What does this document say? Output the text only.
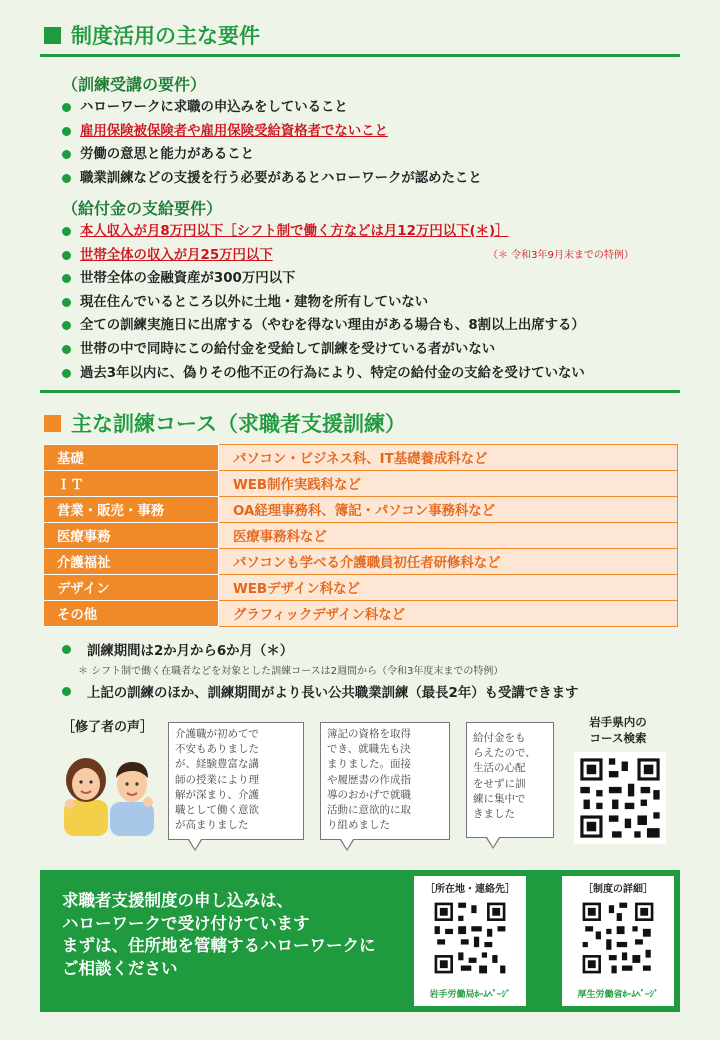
制度活用の主な要件
（訓練受講の要件）
ハローワークに求職の申込みをしていること
雇用保険被保険者や雇用保険受給資格者でないこと
労働の意思と能力があること
職業訓練などの支援を行う必要があるとハローワークが認めたこと
（給付金の支給要件）
本人収入が月8万円以下［シフト制で働く方などは月12万円以下(＊)］
世帯全体の収入が月25万円以下
世帯全体の金融資産が300万円以下
現在住んでいるところ以外に土地・建物を所有していない
全ての訓練実施日に出席する（やむを得ない理由がある場合も、8割以上出席する）
世帯の中で同時にこの給付金を受給して訓練を受けている者がいない
過去3年以内に、偽りその他不正の行為により、特定の給付金の支給を受けていない
（＊ 令和3年9月末までの特例）
主な訓練コース（求職者支援訓練）
基礎	パソコン・ビジネス科、IT基礎養成科など
ＩＴ	WEB制作実践科など
営業・販売・事務	OA経理事務科、簿記・パソコン事務科など
医療事務	医療事務科など
介護福祉	パソコンも学べる介護職員初任者研修科など
デザイン	WEBデザイン科など
その他	グラフィックデザイン科など
訓練期間は2か月から6か月（＊）
＊ シフト制で働く在職者などを対象とした訓練コースは2週間から（令和3年度末までの特例）
上記の訓練のほか、訓練期間がより長い公共職業訓練（最長2年）も受講できます
［修了者の声］ 介護職が初めてで
不安もありました
が、経験豊富な講
師の授業により理
解が深まり、介護
職として働く意欲
が高まりました
簿記の資格を取得
でき、就職先も決
まりました。面接
や履歴書の作成指
導のおかげで就職
活動に意欲的に取
り組めました
給付金をも
らえたので、
生活の心配
をせずに訓
練に集中で
きました
岩手県内の
コース検索
求職者支援制度の申し込みは、
ハローワークで受け付けています
まずは、住所地を管轄するハローワークに
ご相談ください
［所在地・連絡先］
岩手労働局ﾎｰﾑﾍﾟｰｼﾞ
［制度の詳細］
厚生労働省ﾎｰﾑﾍﾟｰｼﾞ
